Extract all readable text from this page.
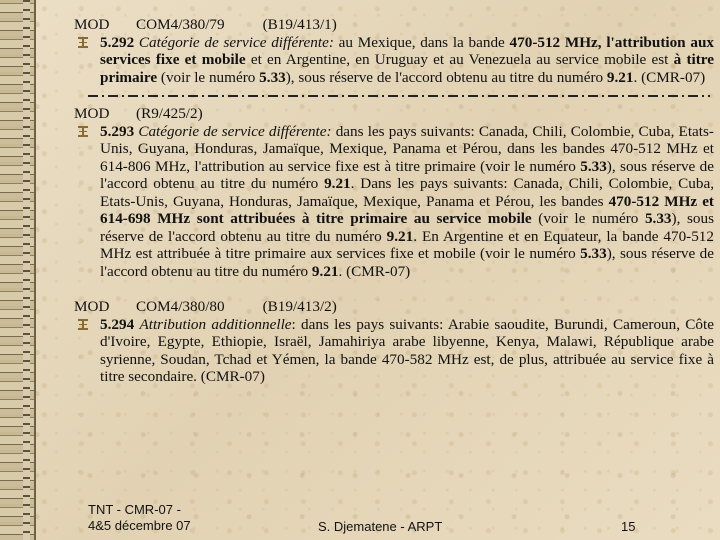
MOD       COM4/380/79          (B19/413/1)

5.292 Catégorie de service différente: au Mexique, dans la bande 470-512 MHz, l'attribution aux services fixe et mobile et en Argentine, en Uruguay et au Venezuela au service mobile est à titre primaire (voir le numéro 5.33), sous réserve de l'accord obtenu au titre du numéro 9.21. (CMR-07)

MOD       (R9/425/2)

5.293 Catégorie de service différente: dans les pays suivants: Canada, Chili, Colombie, Cuba, Etats-Unis, Guyana, Honduras, Jamaïque, Mexique, Panama et Pérou, dans les bandes 470-512 MHz et 614-806 MHz, l'attribution au service fixe est à titre primaire (voir le numéro 5.33), sous réserve de l'accord obtenu au titre du numéro 9.21. Dans les pays suivants: Canada, Chili, Colombie, Cuba, Etats-Unis, Guyana, Honduras, Jamaïque, Mexique, Panama et Pérou, les bandes 470-512 MHz et 614-698 MHz sont attribuées à titre primaire au service mobile (voir le numéro 5.33), sous réserve de l'accord obtenu au titre du numéro 9.21. En Argentine et en Equateur, la bande 470-512 MHz est attribuée à titre primaire aux services fixe et mobile (voir le numéro 5.33), sous réserve de l'accord obtenu au titre du numéro 9.21. (CMR-07)

MOD       COM4/380/80          (B19/413/2)

5.294 Attribution additionnelle: dans les pays suivants: Arabie saoudite, Burundi, Cameroun, Côte d'Ivoire, Egypte, Ethiopie, Israël, Jamahiriya arabe libyenne, Kenya, Malawi, République arabe syrienne, Soudan, Tchad et Yémen, la bande 470-582 MHz est, de plus, attribuée au service fixe à titre secondaire. (CMR-07)

TNT - CMR-07 -
4&5 décembre 07	S. Djematene - ARPT	15
